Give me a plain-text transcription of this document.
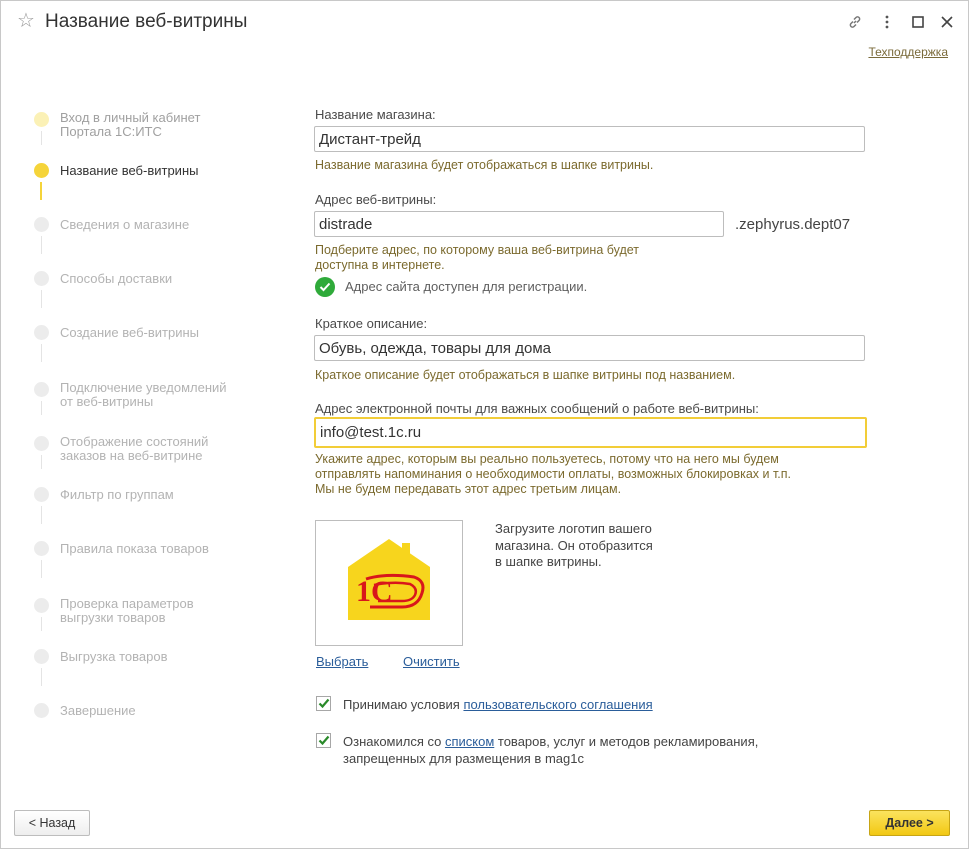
☆ Название веб-витрины
Техподдержка
Вход в личный кабинет
Портала 1С:ИТС
Название веб-витрины
Сведения о магазине
Способы доставки
Создание веб-витрины
Подключение уведомлений
от веб-витрины
Отображение состояний
заказов на веб-витрине
Фильтр по группам
Правила показа товаров
Проверка параметров
выгрузки товаров
Выгрузка товаров
Завершение
Название магазина:
Дистант-трейд
Название магазина будет отображаться в шапке витрины.
Адрес веб-витрины:
distrade
.zephyrus.dept07
Подберите адрес, по которому ваша веб-витрина будет
доступна в интернете.
Адрес сайта доступен для регистрации.
Краткое описание:
Обувь, одежда, товары для дома
Краткое описание будет отображаться в шапке витрины под названием.
Адрес электронной почты для важных сообщений о работе веб-витрины:
info@test.1c.ru
Укажите адрес, которым вы реально пользуетесь, потому что на него мы будем
отправлять напоминания о необходимости оплаты, возможных блокировках и т.п.
Мы не будем передавать этот адрес третьим лицам.
1С
Загрузите логотип вашего
магазина. Он отобразится
в шапке витрины.
Выбрать	Очистить
Принимаю условия пользовательского соглашения
Ознакомился со списком товаров, услуг и методов рекламирования,
запрещенных для размещения в mag1c
< Назад	Далее >
